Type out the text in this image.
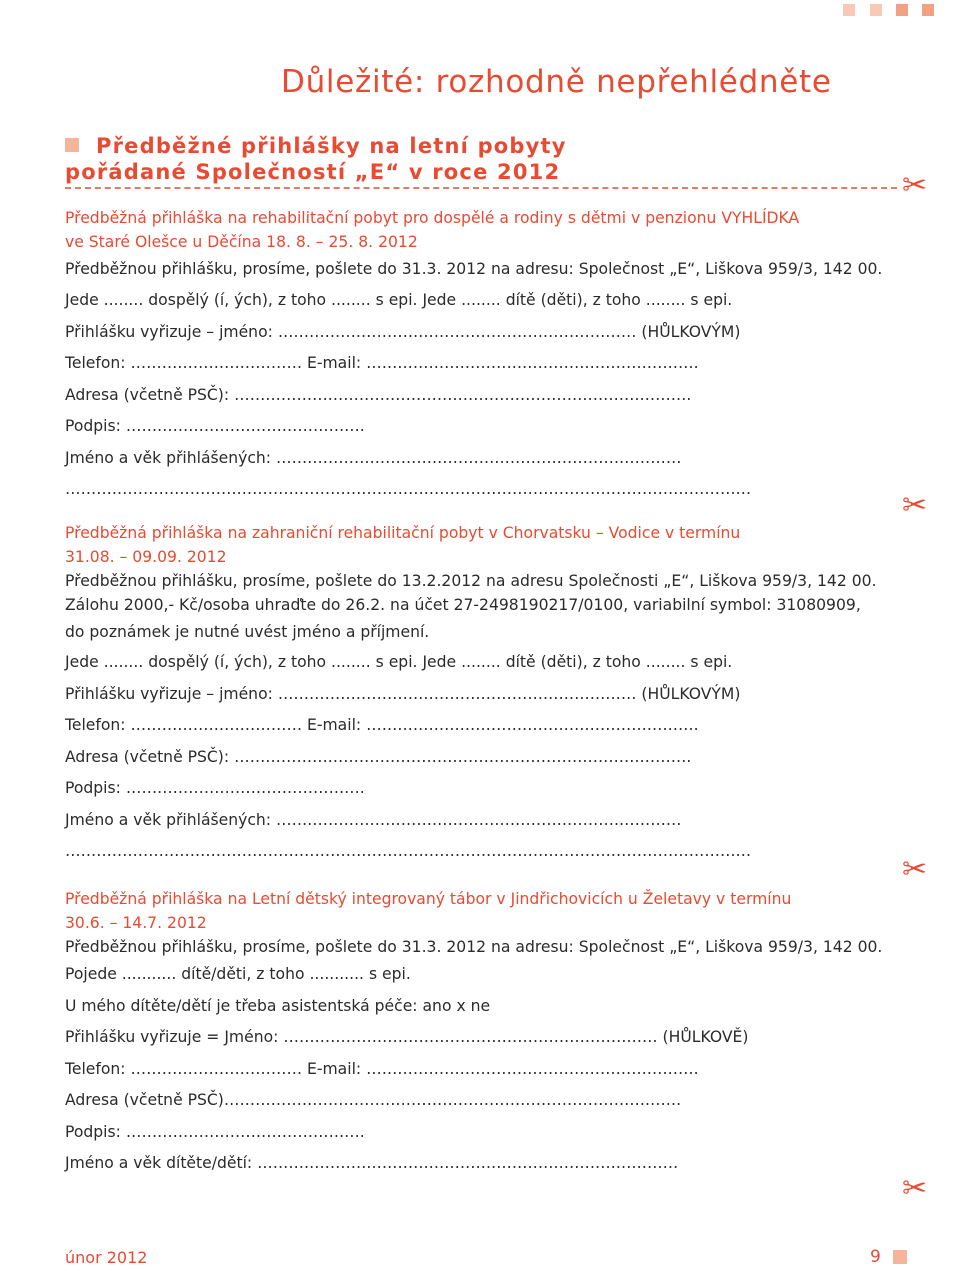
Důležité: rozhodně nepřehlédněte
Předběžné přihlášky na letní pobyty
pořádané Společností „E“ v roce 2012	✂

Předběžná přihláška na rehabilitační pobyt pro dospělé a rodiny s dětmi v penzionu VYHLÍDKA

ve Staré Olešce u Děčína 18. 8. – 25. 8. 2012

Předběžnou přihlášku, prosíme, pošlete do 31.3. 2012 na adresu: Společnost „E“, Liškova 959/3, 142 00.

Jede ........ dospělý (í, ých), z toho ........ s epi. Jede ........ dítě (děti), z toho ........ s epi.

Přihlášku vyřizuje – jméno: …………………………………………………………… (HŮLKOVÝM)

Telefon: …………………………… E-mail: ……………………………………………………….

Adresa (včetně PSČ): …………………………………………………………………………….

Podpis: ……………………………………….

Jméno a věk přihlášených: ……………………………………………………………………

……………………………………………………………………………………………………………………	✂

Předběžná přihláška na zahraniční rehabilitační pobyt v Chorvatsku – Vodice v termínu

31.08. – 09.09. 2012

Předběžnou přihlášku, prosíme, pošlete do 13.2.2012 na adresu Společnosti „E“, Liškova 959/3, 142 00.

Zálohu 2000,- Kč/osoba uhraďte do 26.2. na účet 27-2498190217/0100, variabilní symbol: 31080909,

do poznámek je nutné uvést jméno a příjmení.

Jede ........ dospělý (í, ých), z toho ........ s epi. Jede ........ dítě (děti), z toho ........ s epi.

Přihlášku vyřizuje – jméno: …………………………………………………………… (HŮLKOVÝM)

Telefon: …………………………… E-mail: ……………………………………………………….

Adresa (včetně PSČ): …………………………………………………………………………….

Podpis: ……………………………………….

Jméno a věk přihlášených: ……………………………………………………………………

……………………………………………………………………………………………………………………

✂

Předběžná přihláška na Letní dětský integrovaný tábor v Jindřichovicích u Želetavy v termínu

30.6. – 14.7. 2012

Předběžnou přihlášku, prosíme, pošlete do 31.3. 2012 na adresu: Společnost „E“, Liškova 959/3, 142 00.

Pojede ........... dítě/děti, z toho ........... s epi.

U mého dítěte/dětí je třeba asistentská péče: ano x ne

Přihlášku vyřizuje = Jméno: ……………………………………………………………… (HŮLKOVĚ)

Telefon: …………………………… E-mail: ……………………………………………………….

Adresa (včetně PSČ)…………………………………………………………………………….

Podpis: ……………………………………….

Jméno a věk dítěte/dětí: ………………………………………………………………………

✂
únor 2012	9
